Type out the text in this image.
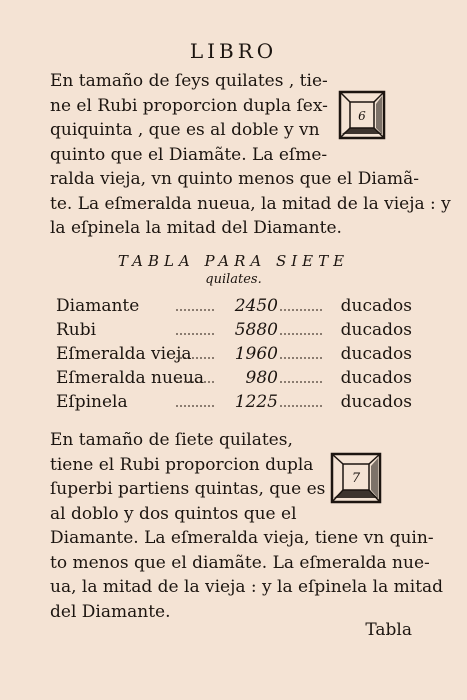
LIBRO

En tamaño de ſeys quilates , tie-
ne el Rubi proporcion dupla ſex-
quiquinta , que es al doble y vn
quinto que el Diamãte. La eſme-
ralda vieja, vn quinto menos que el Diamã-
te. La eſmeralda nueua, la mitad de la vieja : y
la eſpinela la mitad del Diamante.

6
TABLA PARA SIETE
quilates.
Diamante	2450	ducados
Rubi	5880	ducados
Eſmeralda vieja	1960	ducados
Eſmeralda nueua	980	ducados
Eſpinela	1225	ducados

En tamaño de ſiete quilates,
tiene el Rubi proporcion dupla
ſuperbi partiens quintas, que es
al doblo y dos quintos que el
Diamante. La eſmeralda vieja, tiene vn quin-
to menos que el diamãte. La eſmeralda nue-
ua, la mitad de la vieja : y la eſpinela la mitad
del Diamante.

7
Tabla
